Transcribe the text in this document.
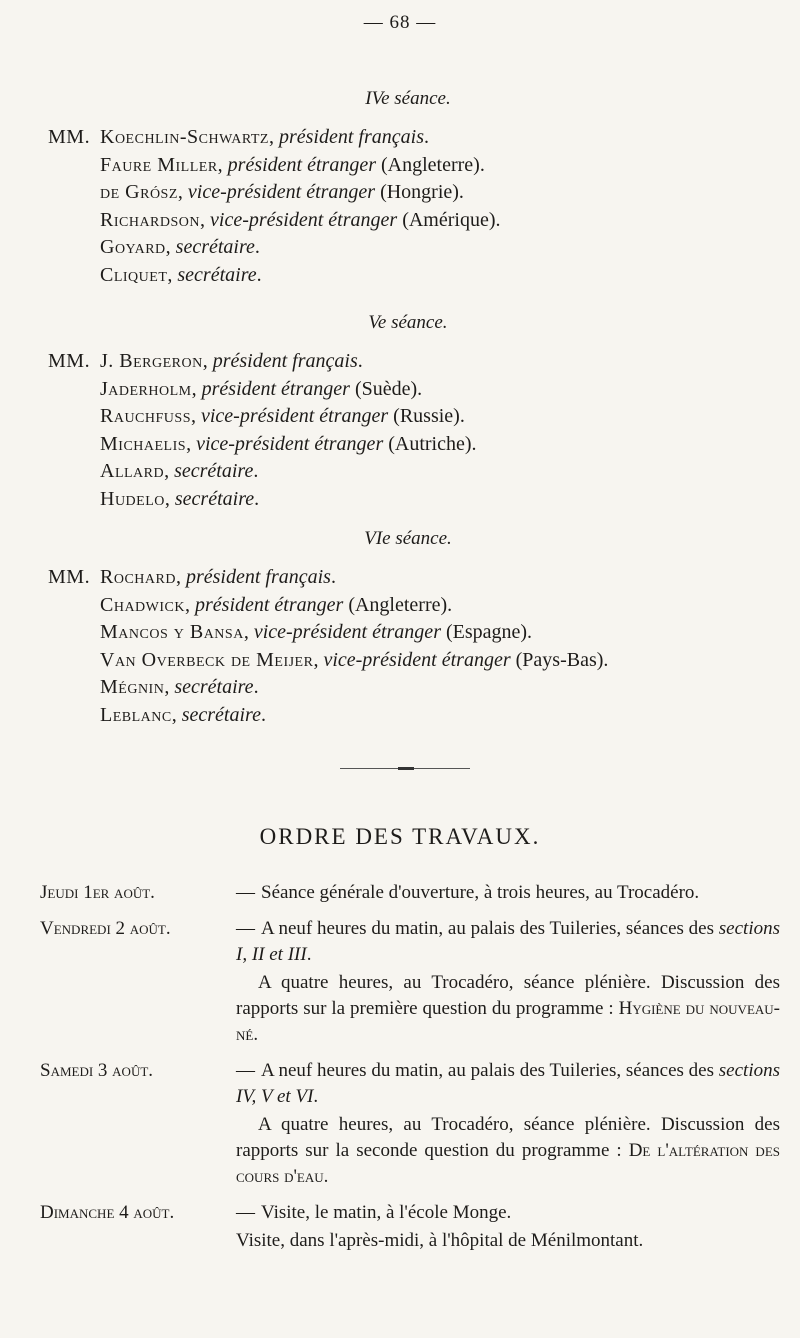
— 68 —
IVe séance.
MM. Koechlin-Schwartz, président français.
Faure Miller, président étranger (Angleterre).
de Grósz, vice-président étranger (Hongrie).
Richardson, vice-président étranger (Amérique).
Goyard, secrétaire.
Cliquet, secrétaire.
Ve séance.
MM. J. Bergeron, président français.
Jaderholm, président étranger (Suède).
Rauchfuss, vice-président étranger (Russie).
Michaelis, vice-président étranger (Autriche).
Allard, secrétaire.
Hudelo, secrétaire.
VIe séance.
MM. Rochard, président français.
Chadwick, président étranger (Angleterre).
Mancos y Bansa, vice-président étranger (Espagne).
Van Overbeck de Meijer, vice-président étranger (Pays-Bas).
Mégnin, secrétaire.
Leblanc, secrétaire.
ORDRE DES TRAVAUX.
Jeudi 1er août.	— Séance générale d'ouverture, à trois heures, au Trocadéro.

Vendredi 2 août.	— A neuf heures du matin, au palais des Tuileries, séances des sections I, II et III.

A quatre heures, au Trocadéro, séance plénière. Discussion des rapports sur la première question du programme : Hygiène du nouveau-né.

Samedi 3 août.	— A neuf heures du matin, au palais des Tuileries, séances des sections IV, V et VI.

A quatre heures, au Trocadéro, séance plénière. Discussion des rapports sur la seconde question du programme : De l'altération des cours d'eau.

Dimanche 4 août.	— Visite, le matin, à l'école Monge.

Visite, dans l'après-midi, à l'hôpital de Ménilmontant.
